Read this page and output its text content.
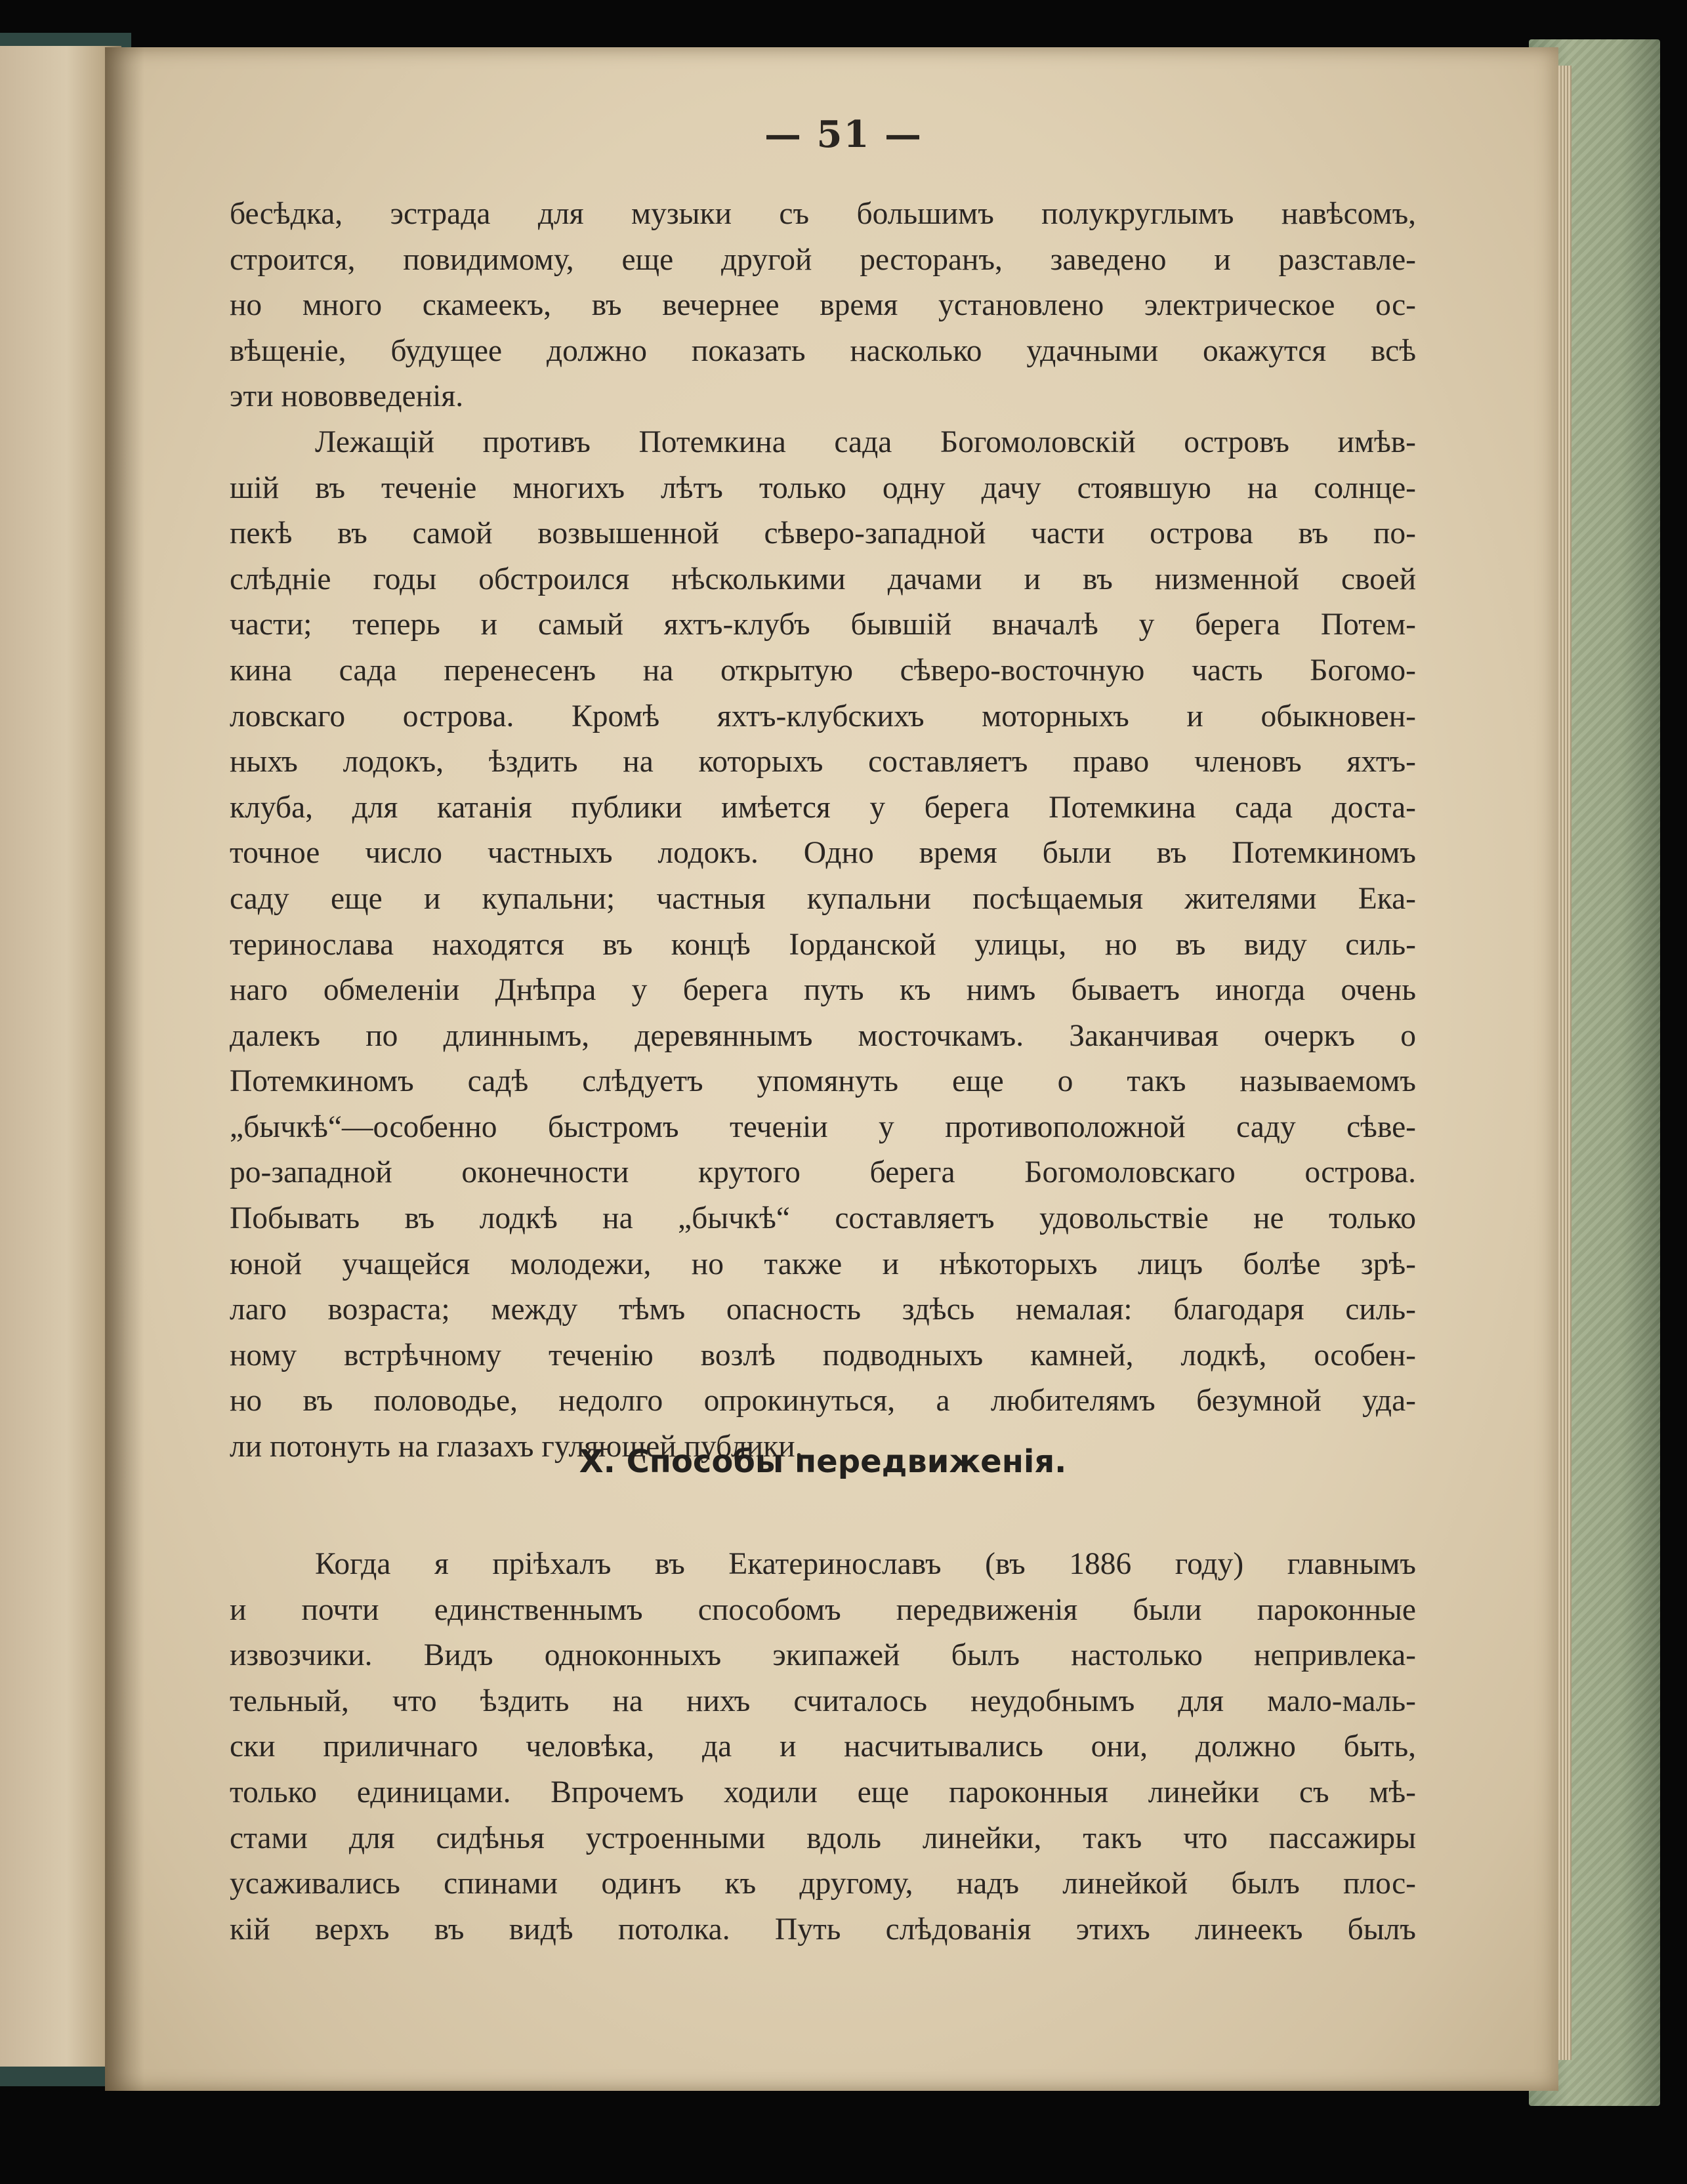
— 51 —
бесѣдка, эстрада для музыки съ большимъ полукруглымъ навѣсомъ,
строится, повидимому, еще другой ресторанъ, заведено и разставле-
но много скамеекъ, въ вечернее время установлено электрическое ос-
вѣщеніе, будущее должно показать насколько удачными окажутся всѣ
эти нововведенія.
Лежащій противъ Потемкина сада Богомоловскій островъ имѣв-
шій въ теченіе многихъ лѣтъ только одну дачу стоявшую на солнце-
пекѣ въ самой возвышенной сѣверо-западной части острова въ по-
слѣдніе годы обстроился нѣсколькими дачами и въ низменной своей
части; теперь и самый яхтъ-клубъ бывшій вначалѣ у берега Потем-
кина сада перенесенъ на открытую сѣверо-восточную часть Богомо-
ловскаго острова. Кромѣ яхтъ-клубскихъ моторныхъ и обыкновен-
ныхъ лодокъ, ѣздить на которыхъ составляетъ право членовъ яхтъ-
клуба, для катанія публики имѣется у берега Потемкина сада доста-
точное число частныхъ лодокъ. Одно время были въ Потемкиномъ
саду еще и купальни; частныя купальни посѣщаемыя жителями Ека-
теринослава находятся въ концѣ Іорданской улицы, но въ виду силь-
наго обмеленіи Днѣпра у берега путь къ нимъ бываетъ иногда очень
далекъ по длиннымъ, деревяннымъ мосточкамъ. Заканчивая очеркъ о
Потемкиномъ садѣ слѣдуетъ упомянуть еще о такъ называемомъ
„бычкѣ“—особенно быстромъ теченіи у противоположной саду сѣве-
ро-западной оконечности крутого берега Богомоловскаго острова.
Побывать въ лодкѣ на „бычкѣ“ составляетъ удовольствіе не только
юной учащейся молодежи, но также и нѣкоторыхъ лицъ болѣе зрѣ-
лаго возраста; между тѣмъ опасность здѣсь немалая: благодаря силь-
ному встрѣчному теченію возлѣ подводныхъ камней, лодкѣ, особен-
но въ половодье, недолго опрокинуться, а любителямъ безумной уда-
ли потонуть на глазахъ гуляющей публики.
X. Способы передвиженія.
Когда я пріѣхалъ въ Екатеринославъ (въ 1886 году) главнымъ
и почти единственнымъ способомъ передвиженія были пароконные
извозчики. Видъ одноконныхъ экипажей былъ настолько непривлека-
тельный, что ѣздить на нихъ считалось неудобнымъ для мало-маль-
ски приличнаго человѣка, да и насчитывались они, должно быть,
только единицами. Впрочемъ ходили еще пароконныя линейки съ мѣ-
стами для сидѣнья устроенными вдоль линейки, такъ что пассажиры
усаживались спинами одинъ къ другому, надъ линейкой былъ плос-
кій верхъ въ видѣ потолка. Путь слѣдованія этихъ линеекъ былъ
